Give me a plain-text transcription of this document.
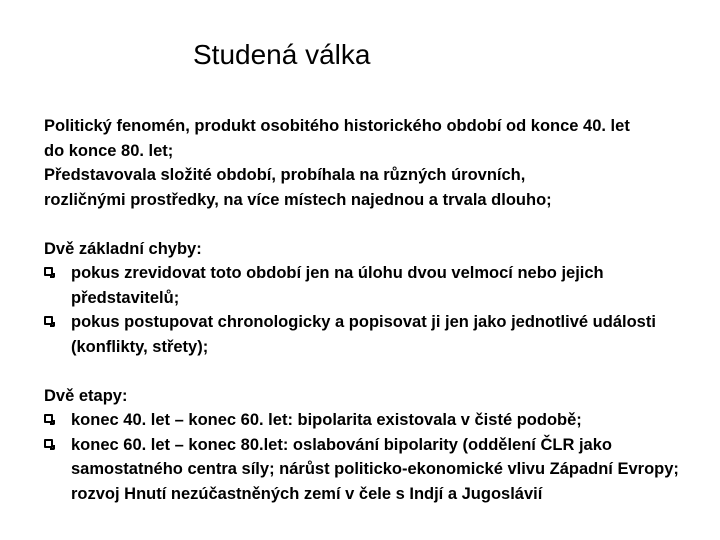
Studená válka
Politický fenomén, produkt osobitého historického období od konce 40. let
do konce 80. let;
Představovala složité období, probíhala na různých úrovních,
rozličnými prostředky, na více místech najednou a trvala dlouho;
Dvě základní chyby:
pokus zrevidovat toto období jen na úlohu dvou velmocí nebo jejich představitelů;
pokus postupovat chronologicky a popisovat ji jen jako jednotlivé události (konflikty, střety);
Dvě etapy:
konec 40. let – konec 60. let: bipolarita existovala v čisté podobě;
konec 60. let – konec 80.let: oslabování bipolarity (oddělení ČLR jako samostatného centra síly; nárůst politicko-ekonomické vlivu Západní Evropy; rozvoj Hnutí nezúčastněných zemí v čele s Indjí a Jugoslávií
